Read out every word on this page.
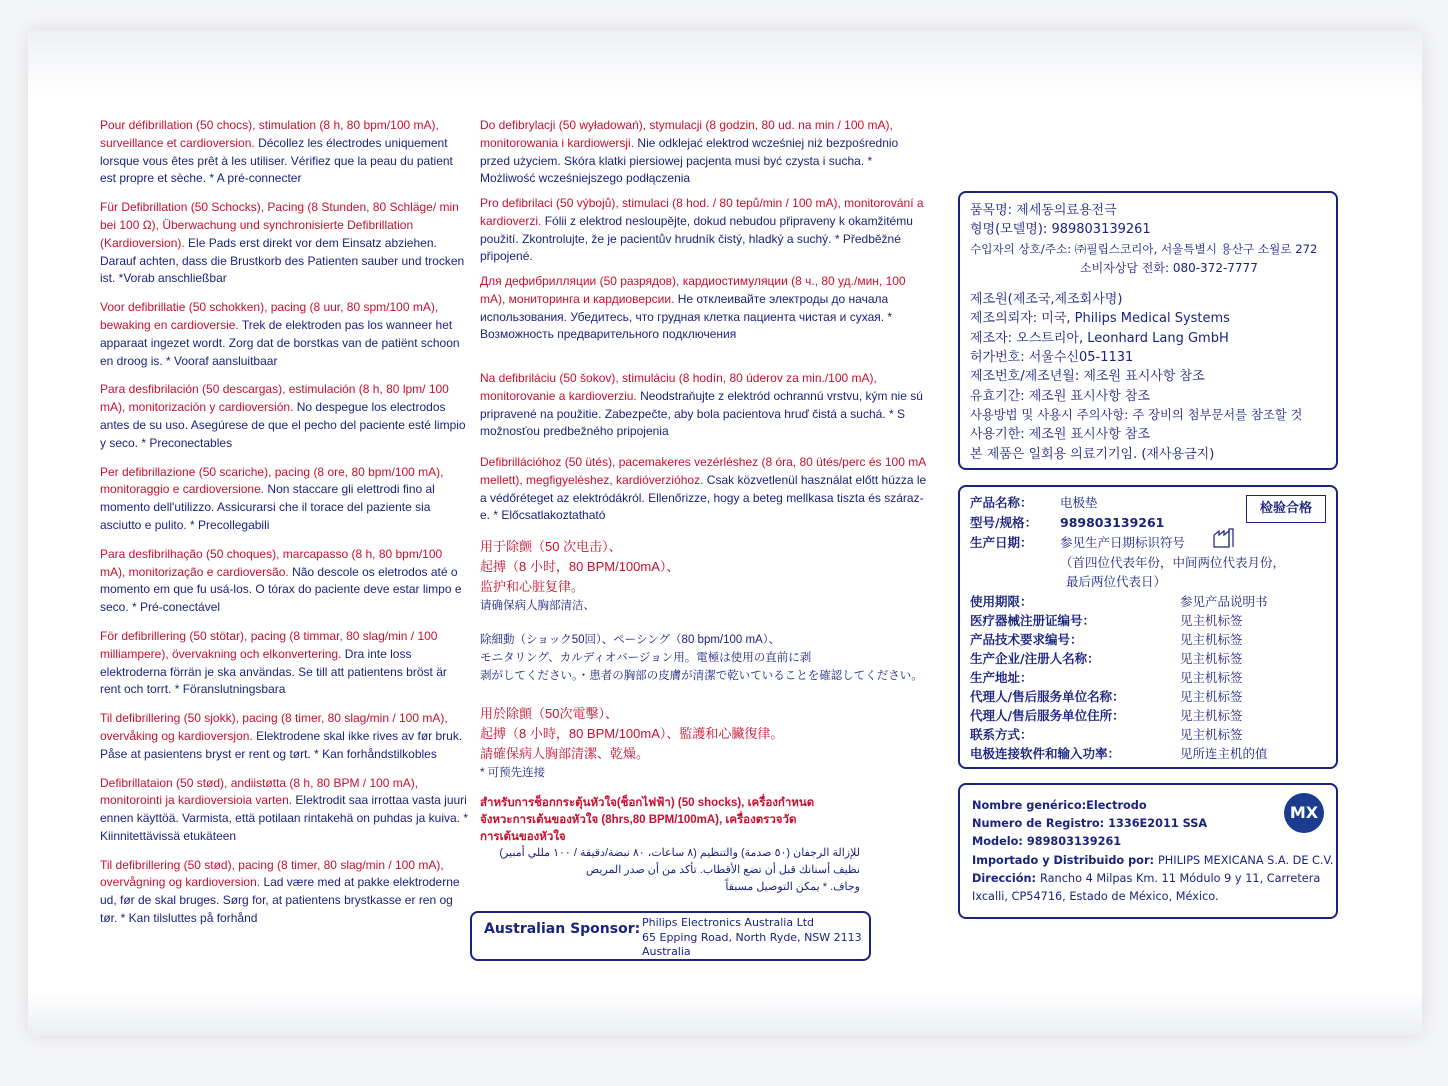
Pour défibrillation (50 chocs), stimulation (8 h, 80 bpm/100 mA), surveillance et cardioversion. Décollez les électrodes uniquement lorsque vous êtes prêt à les utiliser. Vérifiez que la peau du patient est propre et sèche. * A pré-connecter

Für Defibrillation (50 Schocks), Pacing (8 Stunden, 80 Schläge/ min bei 100 Ω), Überwachung und synchronisierte Defibrillation (Kardioversion). Ele Pads erst direkt vor dem Einsatz abziehen. Darauf achten, dass die Brustkorb des Patienten sauber und trocken ist. *Vorab anschließbar

Voor defibrillatie (50 schokken), pacing (8 uur, 80 spm/100 mA), bewaking en cardioversie. Trek de elektroden pas los wanneer het apparaat ingezet wordt. Zorg dat de borstkas van de patiënt schoon en droog is. * Vooraf aansluitbaar

Para desfibrilación (50 descargas), estimulación (8 h, 80 lpm/ 100 mA), monitorización y cardioversión. No despegue los electrodos antes de su uso. Asegúrese de que el pecho del paciente esté limpio y seco. * Preconectables

Per defibrillazione (50 scariche), pacing (8 ore, 80 bpm/100 mA), monitoraggio e cardioversione. Non staccare gli elettrodi fino al momento dell'utilizzo. Assicurarsi che il torace del paziente sia asciutto e pulito. * Precollegabili

Para desfibrilhação (50 choques), marcapasso (8 h, 80 bpm/100 mA), monitorização e cardioversão. Não descole os eletrodos até o momento em que fu usá-los. O tórax do paciente deve estar limpo e seco. * Pré-conectável

För defibrillering (50 stötar), pacing (8 timmar, 80 slag/min / 100 milliampere), övervakning och elkonvertering. Dra inte loss elektroderna förrän je ska användas. Se till att patientens bröst är rent och torrt. * Föranslutningsbara

Til defibrillering (50 sjokk), pacing (8 timer, 80 slag/min / 100 mA), overvåking og kardioversjon. Elektrodene skal ikke rives av før bruk. Påse at pasientens bryst er rent og tørt. * Kan forhåndstilkobles

Defibrillataion (50 stød), andiistøtta (8 h, 80 BPM / 100 mA), monitorointi ja kardioversioia varten. Elektrodit saa irrottaa vasta juuri ennen käyttöä. Varmista, että potilaan rintakehä on puhdas ja kuiva. * Kiinnitettävissä etukäteen

Til defibrillering (50 stød), pacing (8 timer, 80 slag/min / 100 mA), overvågning og kardioversion. Lad være med at pakke elektroderne ud, før de skal bruges. Sørg for, at patientens brystkasse er ren og tør. * Kan tilsluttes på forhånd

Do defibrylacji (50 wyładowań), stymulacji (8 godzin, 80 ud. na min / 100 mA), monitorowania i kardiowersji. Nie odklejać elektrod wcześniej niż bezpośrednio przed użyciem. Skóra klatki piersiowej pacjenta musi być czysta i sucha. * Możliwość wcześniejszego podłączenia
Pro defibrilaci (50 výbojů), stimulaci (8 hod. / 80 tepů/min / 100 mA), monitorování a kardioverzi. Fólii z elektrod nesloupějte, dokud nebudou připraveny k okamžitému použití. Zkontrolujte, že je pacientův hrudník čistý, hladký a suchý. * Předběžné připojené.
Для дефибрилляции (50 разрядов), кардиостимуляции (8 ч., 80 уд./мин, 100 mA), мониторинга и кардиоверсии. Не отклеивайте электроды до начала использования. Убедитесь, что грудная клетка пациента чистая и сухая. * Возможность предварительного подключения
Na defibriláciu (50 šokov), stimuláciu (8 hodín, 80 úderov za min./100 mA), monitorovanie a kardioverziu. Neodstraňujte z elektród ochrannú vrstvu, kým nie sú pripravené na použitie. Zabezpečte, aby bola pacientova hruď čistá a suchá. * S možnosťou predbežného pripojenia
Defibrillációhoz (50 ütés), pacemakeres vezérléshez (8 óra, 80 ütés/perc és 100 mA mellett), megfigyeléshez, kardióverzióhoz. Csak közvetlenül használat előtt húzza le a védőréteget az elektródákról. Ellenőrizze, hogy a beteg mellkasa tiszta és száraz-e. * Előcsatlakoztatható
用于除颤（50 次电击）、
起搏（8 小时，80 BPM/100mA）、
监护和心脏复律。
请确保病人胸部清洁、
除細動（ショック50回）、ペーシング（80 bpm/100 mA）、
モニタリング、カルディオバージョン用。電極は使用の直前に剥
剥がしてください。・患者の胸部の皮膚が清潔で乾いていることを確認してください。
用於除顫（50次電擊）、
起搏（8 小時，80 BPM/100mA）、監護和心臟復律。
請確保病人胸部清潔、乾燥。
* 可预先连接
สำหรับการช็อกกระตุ้นหัวใจ(ช็อกไฟฟ้า) (50 shocks), เครื่องกำหนด
จังหวะการเต้นของหัวใจ (8hrs,80 BPM/100mA), เครื่องตรวจวัด
การเต้นของหัวใจ
للإزالة الرجفان (٥٠ صدمة) والتنظيم (٨ ساعات، ٨٠ نبضة/دقيقة / ١٠٠ مللي أمبير)
نظيف أسنانك قبل أن تضع الأقطاب. تأكد من أن صدر المريض
وجاف. * يمكن التوصيل مسبقاً
Australian Sponsor: Philips Electronics Australia Ltd
65 Epping Road, North Ryde, NSW 2113
Australia
품목명: 제세동의료용전극
형명(모델명): 989803139261
수입자의 상호/주소: ㈜필립스코리아, 서울특별시 용산구 소월로 272
소비자상담 전화: 080-372-7777
제조원(제조국,제조회사명)
제조의뢰자: 미국, Philips Medical Systems
제조자: 오스트리아, Leonhard Lang GmbH
허가번호: 서울수신05-1131
제조번호/제조년월: 제조원 표시사항 참조
유효기간: 제조원 표시사항 참조
사용방법 및 사용시 주의사항: 주 장비의 첨부문서를 참조할 것
사용기한: 제조원 표시사항 참조
본 제품은 일회용 의료기기임. (재사용금지)
产品名称： 电极垫
型号/规格： 989803139261
生产日期： 参见生产日期标识符号
（首四位代表年份，中间两位代表月份，
最后两位代表日）
使用期限：	参见产品说明书
医疗器械注册证编号：	见主机标签
产品技术要求编号：	见主机标签
生产企业/注册人名称：	见主机标签
生产地址：	见主机标签
代理人/售后服务单位名称：	见主机标签
代理人/售后服务单位住所：	见主机标签
联系方式：	见主机标签
电极连接软件和输入功率：	见所连主机的值
检验合格
Nombre genérico:Electrodo
Numero de Registro: 1336E2011 SSA
Modelo: 989803139261
Importado y Distribuido por: PHILIPS MEXICANA S.A. DE C.V.
Dirección: Rancho 4 Milpas Km. 11 Módulo 9 y 11, Carretera
Ixcalli, CP54716, Estado de México, México.
MX
